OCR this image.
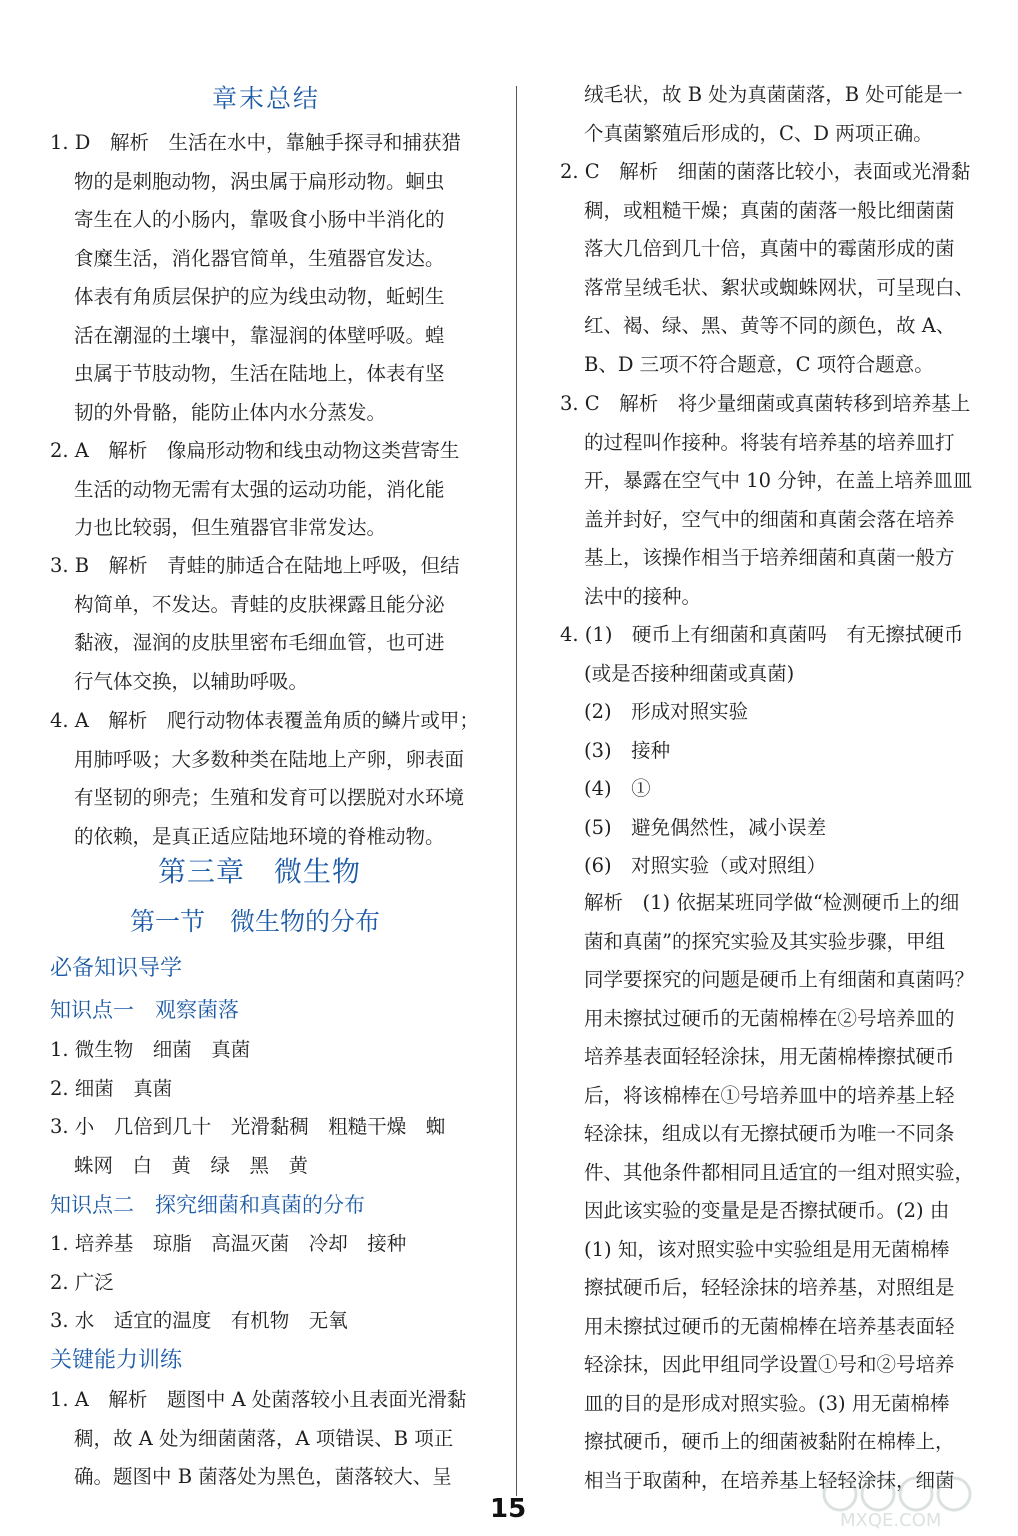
章末总结
1. D　解析　生活在水中，靠触手探寻和捕获猎
物的是刺胞动物，涡虫属于扁形动物。蛔虫
寄生在人的小肠内，靠吸食小肠中半消化的
食糜生活，消化器官简单，生殖器官发达。
体表有角质层保护的应为线虫动物，蚯蚓生
活在潮湿的土壤中，靠湿润的体壁呼吸。蝗
虫属于节肢动物，生活在陆地上，体表有坚
韧的外骨骼，能防止体内水分蒸发。
2. A　解析　像扁形动物和线虫动物这类营寄生
生活的动物无需有太强的运动功能，消化能
力也比较弱，但生殖器官非常发达。
3. B　解析　青蛙的肺适合在陆地上呼吸，但结
构简单，不发达。青蛙的皮肤裸露且能分泌
黏液，湿润的皮肤里密布毛细血管，也可进
行气体交换，以辅助呼吸。
4. A　解析　爬行动物体表覆盖角质的鳞片或甲；
用肺呼吸；大多数种类在陆地上产卵，卵表面
有坚韧的卵壳；生殖和发育可以摆脱对水环境
的依赖，是真正适应陆地环境的脊椎动物。
第三章　微生物
第一节　微生物的分布
必备知识导学
知识点一　观察菌落
1. 微生物　细菌　真菌
2. 细菌　真菌
3. 小　几倍到几十　光滑黏稠　粗糙干燥　蜘
蛛网　白　黄　绿　黑　黄
知识点二　探究细菌和真菌的分布
1. 培养基　琼脂　高温灭菌　冷却　接种
2. 广泛
3. 水　适宜的温度　有机物　无氧
关键能力训练
1. A　解析　题图中 A 处菌落较小且表面光滑黏
稠，故 A 处为细菌菌落，A 项错误、B 项正
确。题图中 B 菌落处为黑色，菌落较大、呈
绒毛状，故 B 处为真菌菌落，B 处可能是一
个真菌繁殖后形成的，C、D 两项正确。
2. C　解析　细菌的菌落比较小，表面或光滑黏
稠，或粗糙干燥；真菌的菌落一般比细菌菌
落大几倍到几十倍，真菌中的霉菌形成的菌
落常呈绒毛状、絮状或蜘蛛网状，可呈现白、
红、褐、绿、黑、黄等不同的颜色，故 A、
B、D 三项不符合题意，C 项符合题意。
3. C　解析　将少量细菌或真菌转移到培养基上
的过程叫作接种。将装有培养基的培养皿打
开，暴露在空气中 10 分钟，在盖上培养皿皿
盖并封好，空气中的细菌和真菌会落在培养
基上，该操作相当于培养细菌和真菌一般方
法中的接种。
4. (1)　硬币上有细菌和真菌吗　有无擦拭硬币
(或是否接种细菌或真菌)
(2)　形成对照实验
(3)　接种
(4)　①
(5)　避免偶然性，减小误差
(6)　对照实验（或对照组）
解析　(1) 依据某班同学做“检测硬币上的细
菌和真菌”的探究实验及其实验步骤，甲组
同学要探究的问题是硬币上有细菌和真菌吗？
用未擦拭过硬币的无菌棉棒在②号培养皿的
培养基表面轻轻涂抹，用无菌棉棒擦拭硬币
后，将该棉棒在①号培养皿中的培养基上轻
轻涂抹，组成以有无擦拭硬币为唯一不同条
件、其他条件都相同且适宜的一组对照实验，
因此该实验的变量是是否擦拭硬币。(2) 由
(1) 知，该对照实验中实验组是用无菌棉棒
擦拭硬币后，轻轻涂抹的培养基，对照组是
用未擦拭过硬币的无菌棉棒在培养基表面轻
轻涂抹，因此甲组同学设置①号和②号培养
皿的目的是形成对照实验。(3) 用无菌棉棒
擦拭硬币，硬币上的细菌被黏附在棉棒上，
相当于取菌种，在培养基上轻轻涂抹，细菌
15	MXQE.COM
